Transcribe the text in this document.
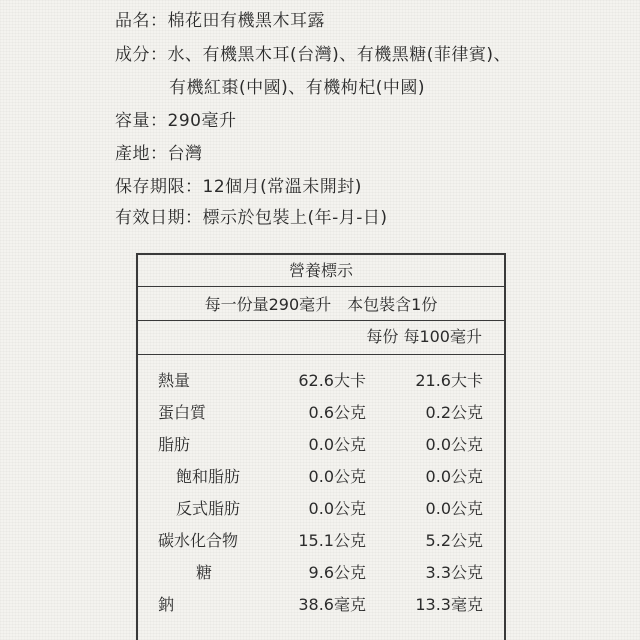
品名：棉花田有機黑木耳露
成分：水、有機黑木耳(台灣)、有機黑糖(菲律賓)、
有機紅棗(中國)、有機枸杞(中國)
容量：290毫升
產地：台灣
保存期限：12個月(常溫未開封)
有效日期：標示於包裝上(年-月-日)
營養標示
每一份量290毫升　本包裝含1份
每份 每100毫升
熱量	62.6大卡	21.6大卡
蛋白質	0.6公克	0.2公克
脂肪	0.0公克	0.0公克
飽和脂肪	0.0公克	0.0公克
反式脂肪	0.0公克	0.0公克
碳水化合物	15.1公克	5.2公克
糖	9.6公克	3.3公克
鈉	38.6毫克	13.3毫克
